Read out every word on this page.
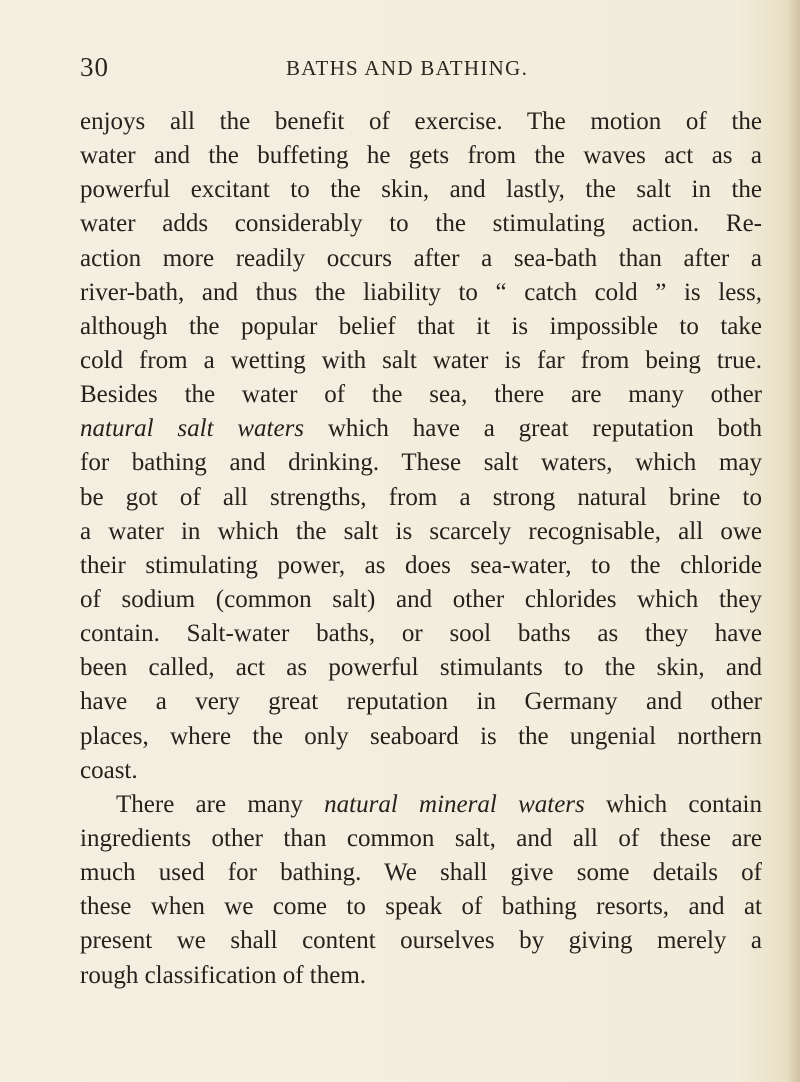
30	BATHS AND BATHING.
enjoys all the benefit of exercise. The motion of the
water and the buffeting he gets from the waves act as a
powerful excitant to the skin, and lastly, the salt in the
water adds considerably to the stimulating action. Re-
action more readily occurs after a sea-bath than after a
river-bath, and thus the liability to “ catch cold ” is less,
although the popular belief that it is impossible to take
cold from a wetting with salt water is far from being true.
Besides the water of the sea, there are many other
natural salt waters which have a great reputation both
for bathing and drinking. These salt waters, which may
be got of all strengths, from a strong natural brine to
a water in which the salt is scarcely recognisable, all owe
their stimulating power, as does sea-water, to the chloride
of sodium (common salt) and other chlorides which they
contain. Salt-water baths, or sool baths as they have
been called, act as powerful stimulants to the skin, and
have a very great reputation in Germany and other
places, where the only seaboard is the ungenial northern
coast.
There are many natural mineral waters which contain
ingredients other than common salt, and all of these are
much used for bathing. We shall give some details of
these when we come to speak of bathing resorts, and at
present we shall content ourselves by giving merely a
rough classification of them.
